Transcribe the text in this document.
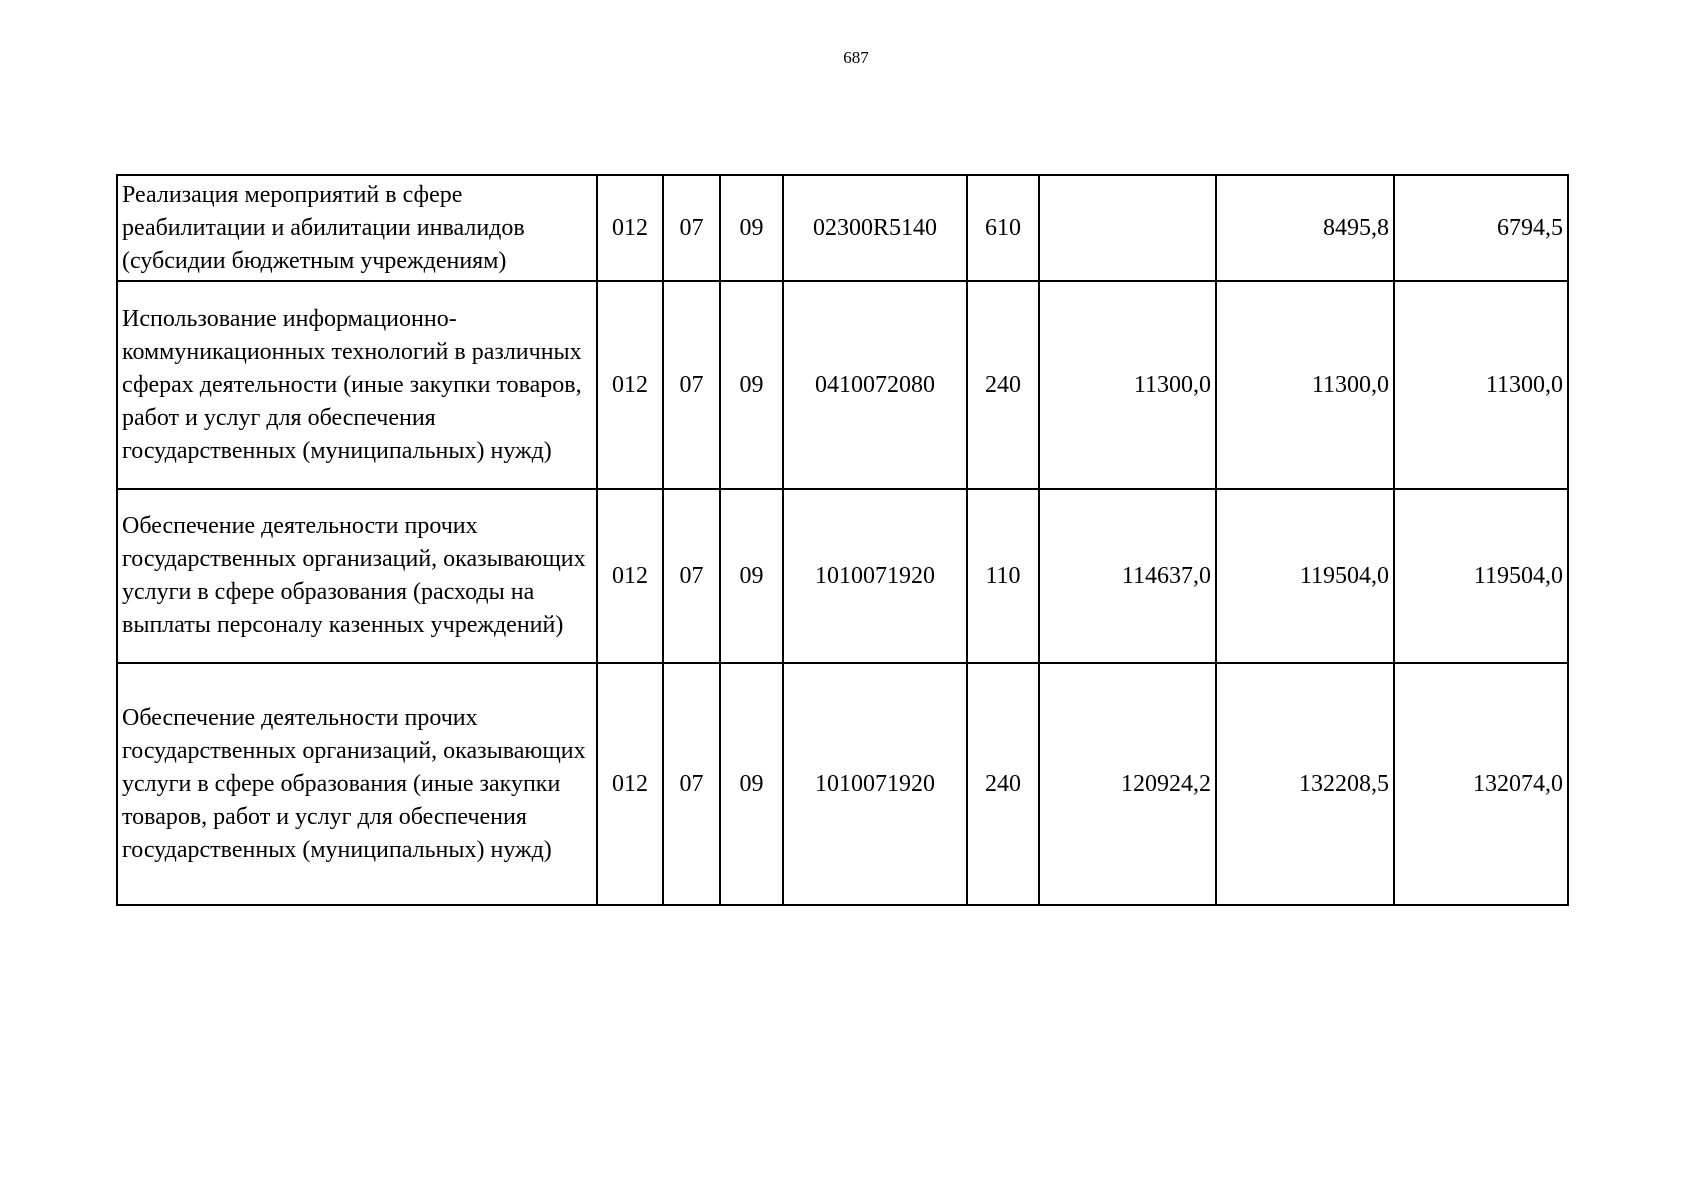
687
Реализация мероприятий в сфере реабилитации и абилитации инвалидов (субсидии бюджетным учреждениям)	012	07	09	02300R5140	610		8495,8	6794,5
Использование информационно-коммуникационных технологий в различных сферах деятельности (иные закупки товаров, работ и услуг для обеспечения государственных (муниципальных) нужд)	012	07	09	0410072080	240	11300,0	11300,0	11300,0
Обеспечение деятельности прочих государственных организаций, оказывающих услуги в сфере образования (расходы на выплаты персоналу казенных учреждений)	012	07	09	1010071920	110	114637,0	119504,0	119504,0
Обеспечение деятельности прочих государственных организаций, оказывающих услуги в сфере образования (иные закупки товаров, работ и услуг для обеспечения государственных (муниципальных) нужд)	012	07	09	1010071920	240	120924,2	132208,5	132074,0
